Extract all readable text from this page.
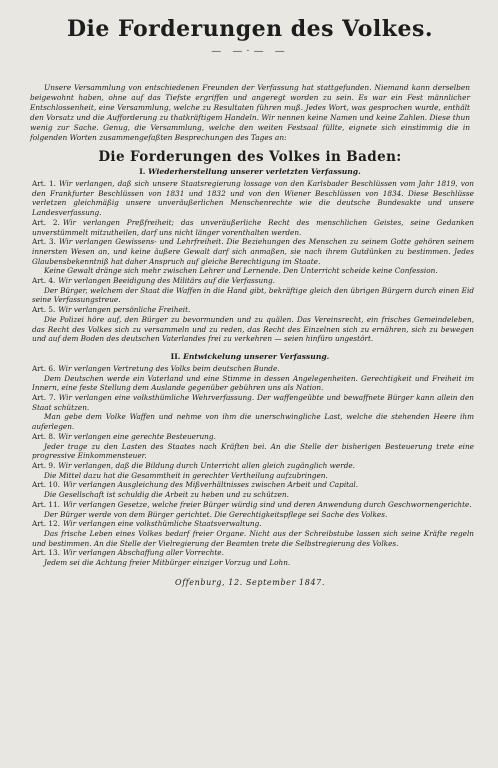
Die Forderungen des Volkes.
— —·— —
Unsere Versammlung von entschiedenen Freunden der Verfassung hat stattgefunden. Niemand kann derselben beigewohnt haben, ohne auf das Tiefste ergriffen und angeregt worden zu sein. Es war ein Fest männlicher Entschlossenheit, eine Versammlung, welche zu Resultaten führen muß. Jedes Wort, was gesprochen wurde, enthält den Vorsatz und die Aufforderung zu thatkräftigem Handeln. Wir nennen keine Namen und keine Zahlen. Diese thun wenig zur Sache. Genug, die Versammlung, welche den weiten Festsaal füllte, eignete sich einstimmig die in folgenden Worten zusammengefaßten Besprechungen des Tages an:
Die Forderungen des Volkes in Baden:
I. Wiederherstellung unserer verletzten Verfassung.
Art. 1. Wir verlangen, daß sich unsere Staatsregierung lossage von den Karlsbader Beschlüssen vom Jahr 1819, von den Frankfurter Beschlüssen von 1831 und 1832 und von den Wiener Beschlüssen von 1834. Diese Beschlüsse verletzen gleichmäßig unsere unveräußerlichen Menschenrechte wie die deutsche Bundesakte und unsere Landesverfassung.
Art. 2. Wir verlangen Preßfreiheit; das unveräußerliche Recht des menschlichen Geistes, seine Gedanken unverstümmelt mitzutheilen, darf uns nicht länger vorenthalten werden.
Art. 3. Wir verlangen Gewissens- und Lehrfreiheit. Die Beziehungen des Menschen zu seinem Gotte gehören seinem innersten Wesen an, und keine äußere Gewalt darf sich anmaßen, sie nach ihrem Gutdünken zu bestimmen. Jedes Glaubensbekenntniß hat daher Anspruch auf gleiche Berechtigung im Staate.
Keine Gewalt dränge sich mehr zwischen Lehrer und Lernende. Den Unterricht scheide keine Confession.
Art. 4. Wir verlangen Beeidigung des Militärs auf die Verfassung.
Der Bürger, welchem der Staat die Waffen in die Hand gibt, bekräftige gleich den übrigen Bürgern durch einen Eid seine Verfassungstreue.
Art. 5. Wir verlangen persönliche Freiheit.
Die Polizei höre auf, den Bürger zu bevormunden und zu quälen. Das Vereinsrecht, ein frisches Gemeindeleben, das Recht des Volkes sich zu versammeln und zu reden, das Recht des Einzelnen sich zu ernähren, sich zu bewegen und auf dem Boden des deutschen Vaterlandes frei zu verkehren — seien hinfüro ungestört.
II. Entwickelung unserer Verfassung.
Art. 6. Wir verlangen Vertretung des Volks beim deutschen Bunde.
Dem Deutschen werde ein Vaterland und eine Stimme in dessen Angelegenheiten. Gerechtigkeit und Freiheit im Innern, eine feste Stellung dem Auslande gegenüber gebühren uns als Nation.
Art. 7. Wir verlangen eine volksthümliche Wehrverfassung. Der waffengeübte und bewaffnete Bürger kann allein den Staat schützen.
Man gebe dem Volke Waffen und nehme von ihm die unerschwingliche Last, welche die stehenden Heere ihm auferlegen.
Art. 8. Wir verlangen eine gerechte Besteuerung.
Jeder trage zu den Lasten des Staates nach Kräften bei. An die Stelle der bisherigen Besteuerung trete eine progressive Einkommensteuer.
Art. 9. Wir verlangen, daß die Bildung durch Unterricht allen gleich zugänglich werde.
Die Mittel dazu hat die Gesammtheit in gerechter Vertheilung aufzubringen.
Art. 10. Wir verlangen Ausgleichung des Mißverhältnisses zwischen Arbeit und Capital.
Die Gesellschaft ist schuldig die Arbeit zu heben und zu schützen.
Art. 11. Wir verlangen Gesetze, welche freier Bürger würdig sind und deren Anwendung durch Geschwornengerichte.
Der Bürger werde von dem Bürger gerichtet. Die Gerechtigkeitspflege sei Sache des Volkes.
Art. 12. Wir verlangen eine volksthümliche Staatsverwaltung.
Das frische Leben eines Volkes bedarf freier Organe. Nicht aus der Schreibstube lassen sich seine Kräfte regeln und bestimmen. An die Stelle der Vielregierung der Beamten trete die Selbstregierung des Volkes.
Art. 13. Wir verlangen Abschaffung aller Vorrechte.
Jedem sei die Achtung freier Mitbürger einziger Vorzug und Lohn.
Offenburg, 12. September 1847.
